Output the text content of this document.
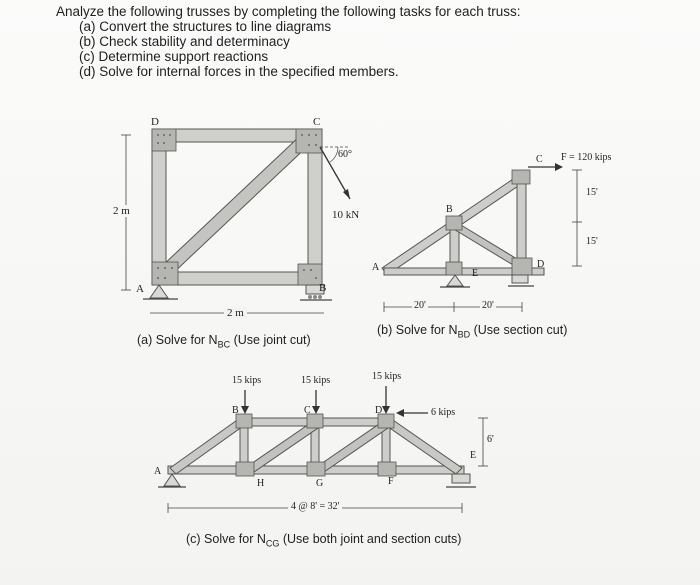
Analyze the following trusses by completing the following tasks for each truss:
(a) Convert the structures to line diagrams
(b) Check stability and determinacy
(c) Determine support reactions
(d) Solve for internal forces in the specified members.
D	C
A	B
2 m
2 m
60°
10 kN
(a) Solve for $N_{BC}$ (Use joint cut)
C
B
A
E
D
F = 120 kips
15'
15'
20'	20'
(b) Solve for $N_{BD}$ (Use section cut)
15 kips	15 kips	15 kips
6 kips
B	C	D
A
H	G	F
E
6'
4 @ 8' = 32'
(c) Solve for $N_{CG}$ (Use both joint and section cuts)
